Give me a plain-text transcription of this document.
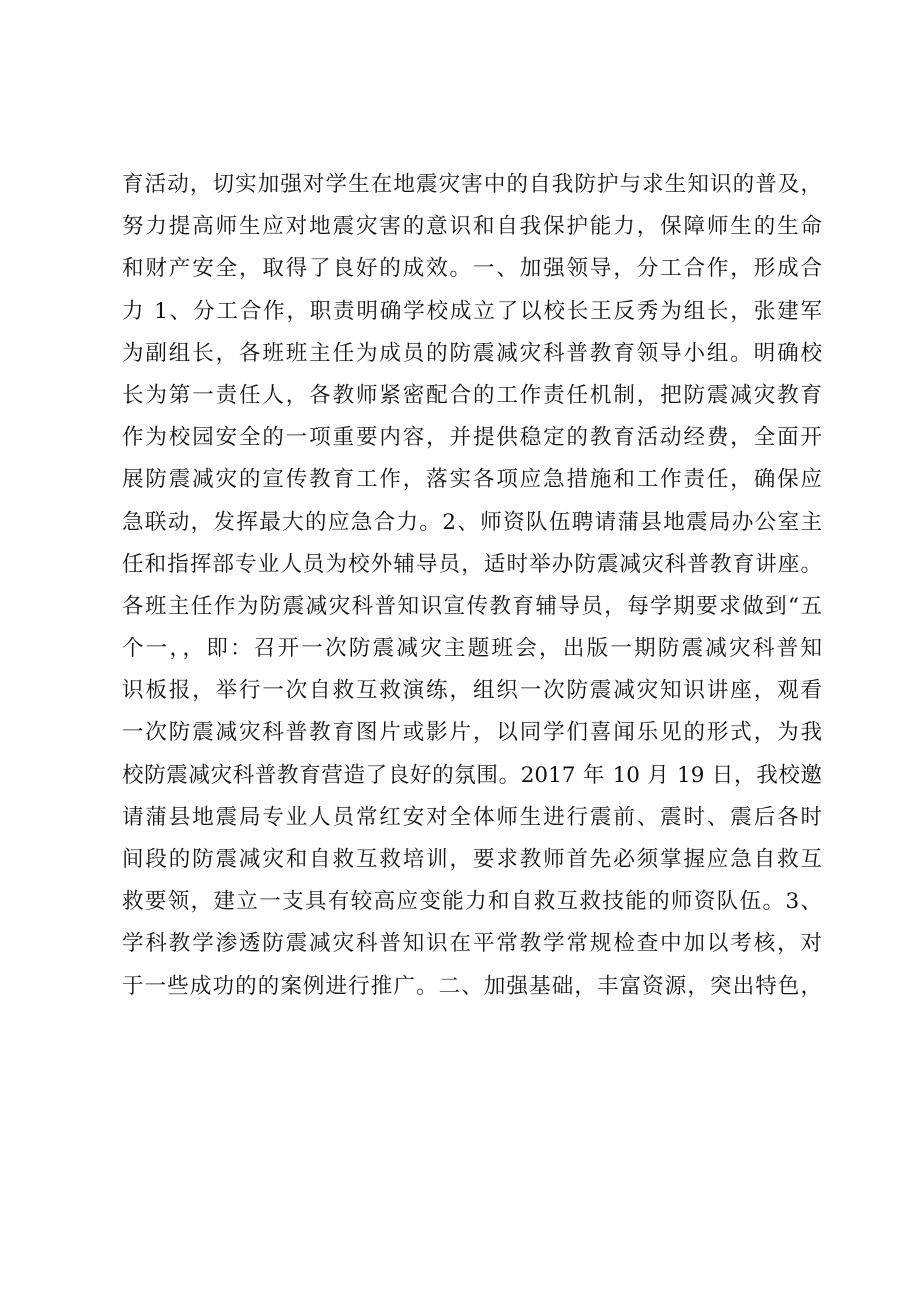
育活动，切实加强对学生在地震灾害中的自我防护与求生知识的普及，
努力提高师生应对地震灾害的意识和自我保护能力，保障师生的生命
和财产安全，取得了良好的成效。一、加强领导，分工合作，形成合
力 1、分工合作，职责明确学校成立了以校长王反秀为组长，张建军
为副组长，各班班主任为成员的防震减灾科普教育领导小组。明确校
长为第一责任人，各教师紧密配合的工作责任机制，把防震减灾教育
作为校园安全的一项重要内容，并提供稳定的教育活动经费，全面开
展防震减灾的宣传教育工作，落实各项应急措施和工作责任，确保应
急联动，发挥最大的应急合力。2、师资队伍聘请蒲县地震局办公室主
任和指挥部专业人员为校外辅导员，适时举办防震减灾科普教育讲座。
各班主任作为防震减灾科普知识宣传教育辅导员，每学期要求做到“五
个一，，即：召开一次防震减灾主题班会，出版一期防震减灾科普知
识板报，举行一次自救互救演练，组织一次防震减灾知识讲座，观看
一次防震减灾科普教育图片或影片，以同学们喜闻乐见的形式，为我
校防震减灾科普教育营造了良好的氛围。2017 年 10 月 19 日，我校邀
请蒲县地震局专业人员常红安对全体师生进行震前、震时、震后各时
间段的防震减灾和自救互救培训，要求教师首先必须掌握应急自救互
救要领，建立一支具有较高应变能力和自救互救技能的师资队伍。3、
学科教学渗透防震减灾科普知识在平常教学常规检查中加以考核，对
于一些成功的的案例进行推广。二、加强基础，丰富资源，突出特色，
